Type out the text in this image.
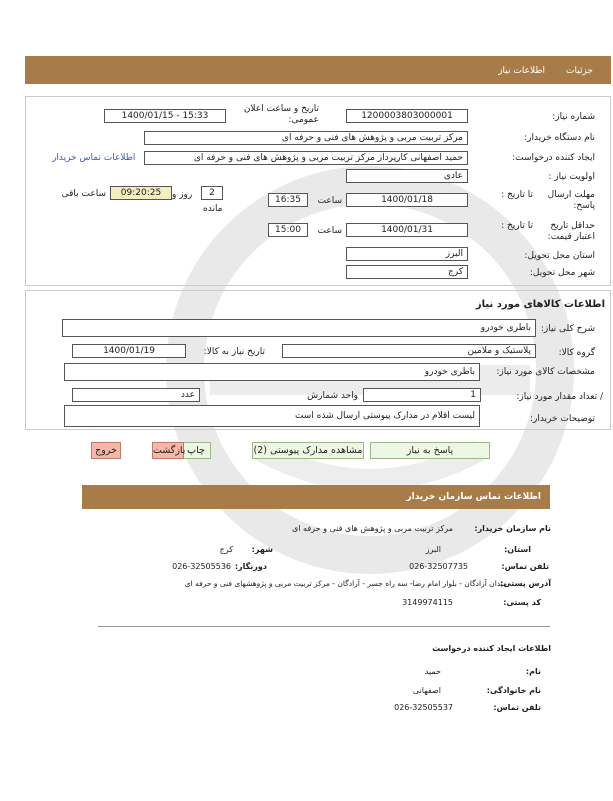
جزئیات
اطلاعات نیاز
شماره نیاز:
1200003803000001
تاریخ و ساعت اعلان عمومی:
1400/01/15 - 15:33
نام دستگاه خریدار:
مرکز تربیت مربی و پژوهش های فنی و حرفه ای
ایجاد کننده درخواست:
حمید اصفهانی کارپرداز مرکز تربیت مربی و پژوهش های فنی و حرفه ای
اطلاعات تماس خریدار
اولویت نیاز :
عادی
مهلت ارسال پاسخ:
تا تاریخ :
1400/01/18
ساعت
16:35
2
روز و
09:20:25
ساعت باقی
مانده
حداقل تاریخ اعتبار قیمت:
تا تاریخ :
1400/01/31
ساعت
15:00
استان محل تحویل:
البرز
شهر محل تحویل:
کرج
اطلاعات کالاهای مورد نیاز
شرح کلی نیاز:
باطری خودرو
گروه کالا:
پلاستیک و ملامین
تاریخ نیاز به کالا:
1400/01/19
مشخصات کالای مورد نیاز:
باطری خودرو
/ تعداد مقدار مورد نیاز:
1
واحد شمارش
عدد
توضیحات خریدار:
لیست اقلام در مدارک پیوستی ارسال شده است
پاسخ به نیاز
مشاهده مدارک پیوستی (2)
چاپ
بازگشت
خروج
اطلاعات تماس سازمان خریدار
نام سازمان خریدار:
مرکز تربیت مربی و پژوهش های فنی و حرفه ای
استان:
البرز
شهر:
کرج
تلفن تماس:
026-32507735
دورنگار:
026-32505536
آدرس پستی:
میدان آزادگان - بلوار امام رضا- سه راه جسر - آزادگان - مرکز تربیت مربی و پژوهشهای فنی و حرفه ای
کد پستی:
3149974115
اطلاعات ایجاد کننده درخواست
نام:
حمید
نام خانوادگی:
اصفهانی
تلفن تماس:
026-32505537
